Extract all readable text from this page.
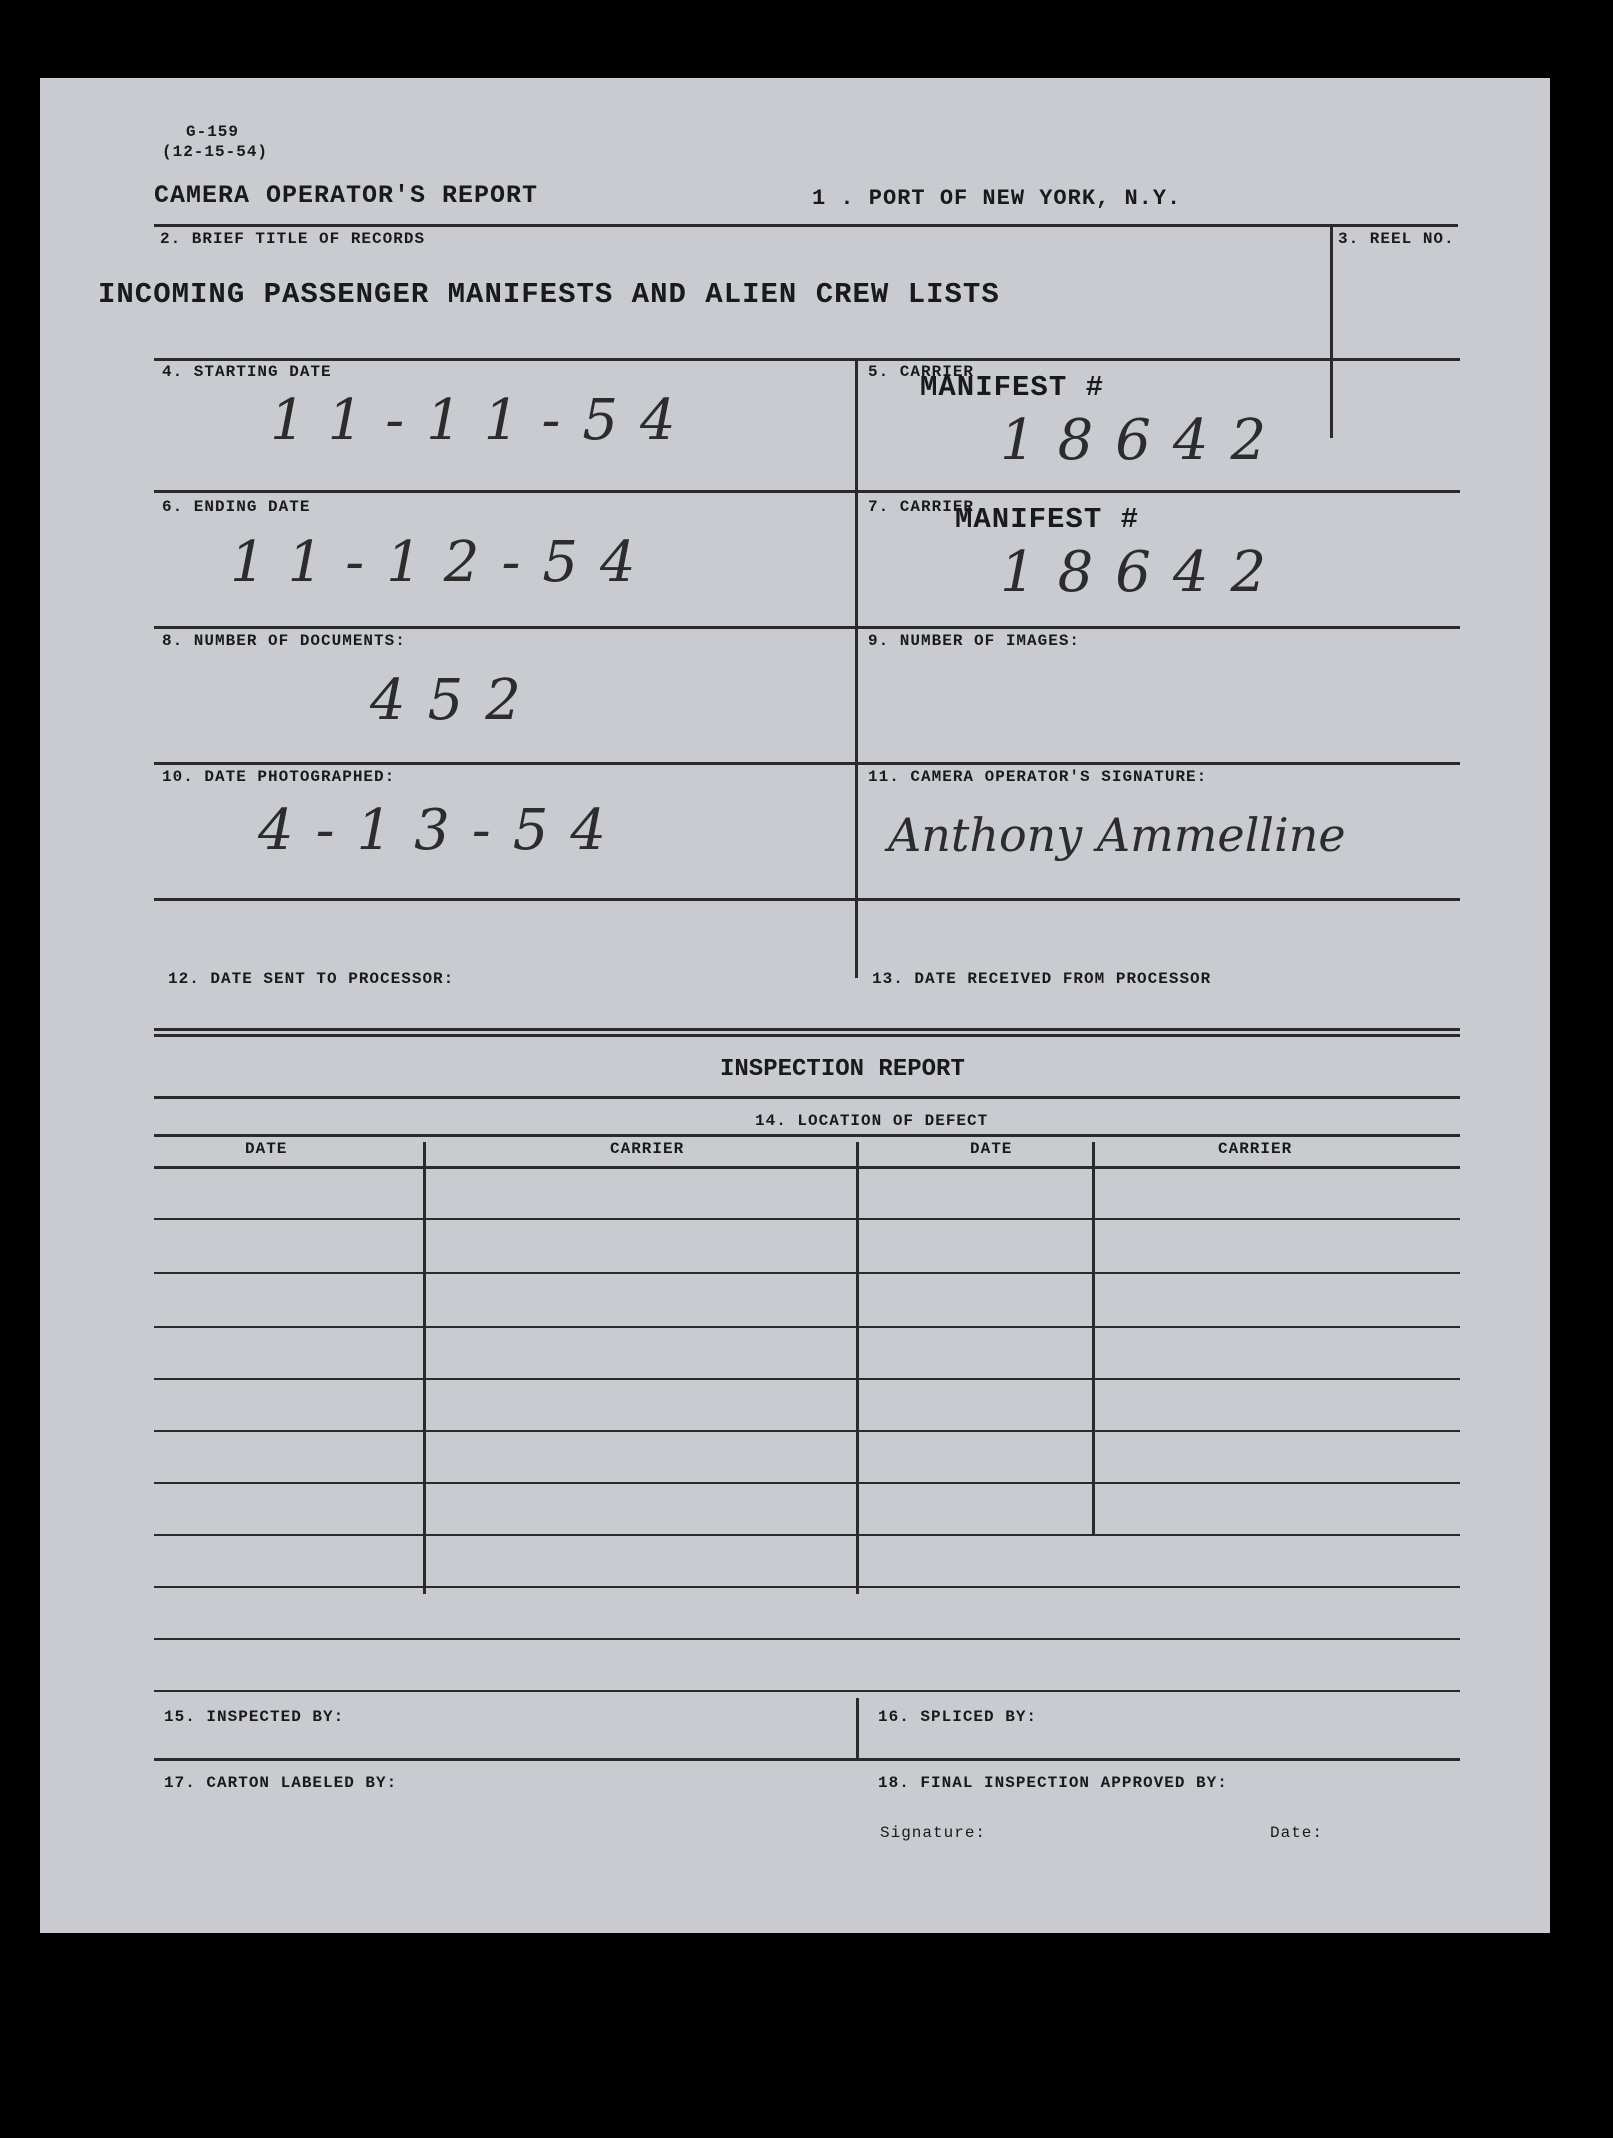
G-159
(12-15-54)
CAMERA OPERATOR'S REPORT	1 . PORT OF NEW YORK, N.Y.
2. BRIEF TITLE OF RECORDS
INCOMING PASSENGER MANIFESTS AND ALIEN CREW LISTS
3. REEL NO.
4. STARTING DATE
11-11-54
5. CARRIER
MANIFEST #
18642
6. ENDING DATE
11-12-54
7. CARRIER
MANIFEST #
18642
8. NUMBER OF DOCUMENTS:
452
9. NUMBER OF IMAGES:
10. DATE PHOTOGRAPHED:
4-13-54
11. CAMERA OPERATOR'S SIGNATURE:
Anthony Ammelline
12. DATE SENT TO PROCESSOR:	13. DATE RECEIVED FROM PROCESSOR
INSPECTION REPORT
14. LOCATION OF DEFECT
DATE	CARRIER	DATE	CARRIER
15. INSPECTED BY:	16. SPLICED BY:
17. CARTON LABELED BY:	18. FINAL INSPECTION APPROVED BY:
Signature:	Date:
